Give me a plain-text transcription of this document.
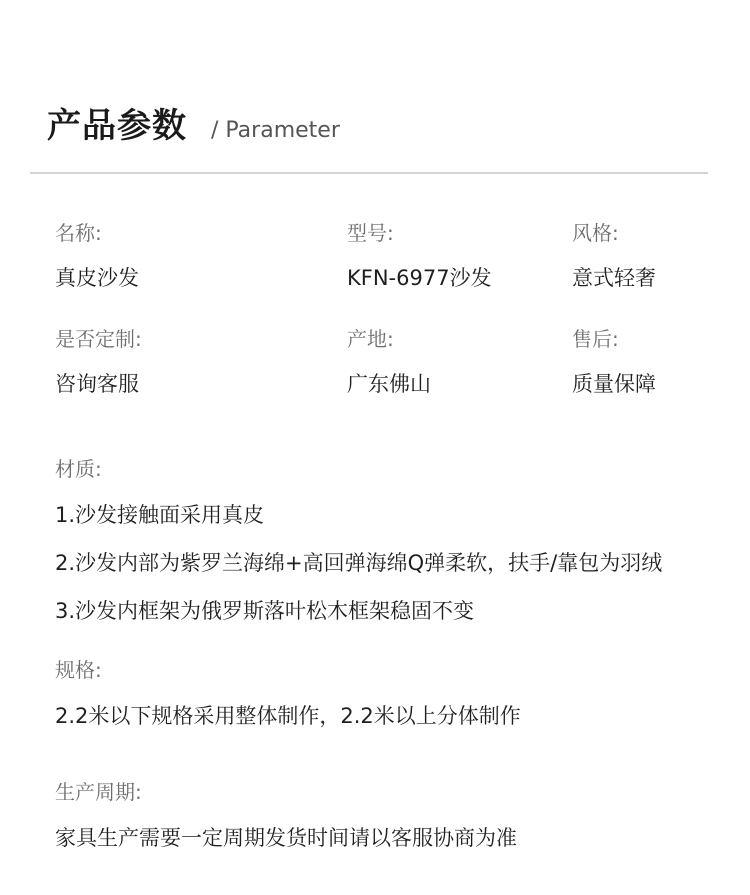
产品参数 / Parameter
名称:
真皮沙发
型号:
KFN-6977沙发
风格:
意式轻奢
是否定制:
咨询客服
产地:
广东佛山
售后:
质量保障
材质:
1.沙发接触面采用真皮
2.沙发内部为紫罗兰海绵+高回弹海绵Q弹柔软，扶手/靠包为羽绒
3.沙发内框架为俄罗斯落叶松木框架稳固不变
规格:
2.2米以下规格采用整体制作，2.2米以上分体制作
生产周期:
家具生产需要一定周期发货时间请以客服协商为准
